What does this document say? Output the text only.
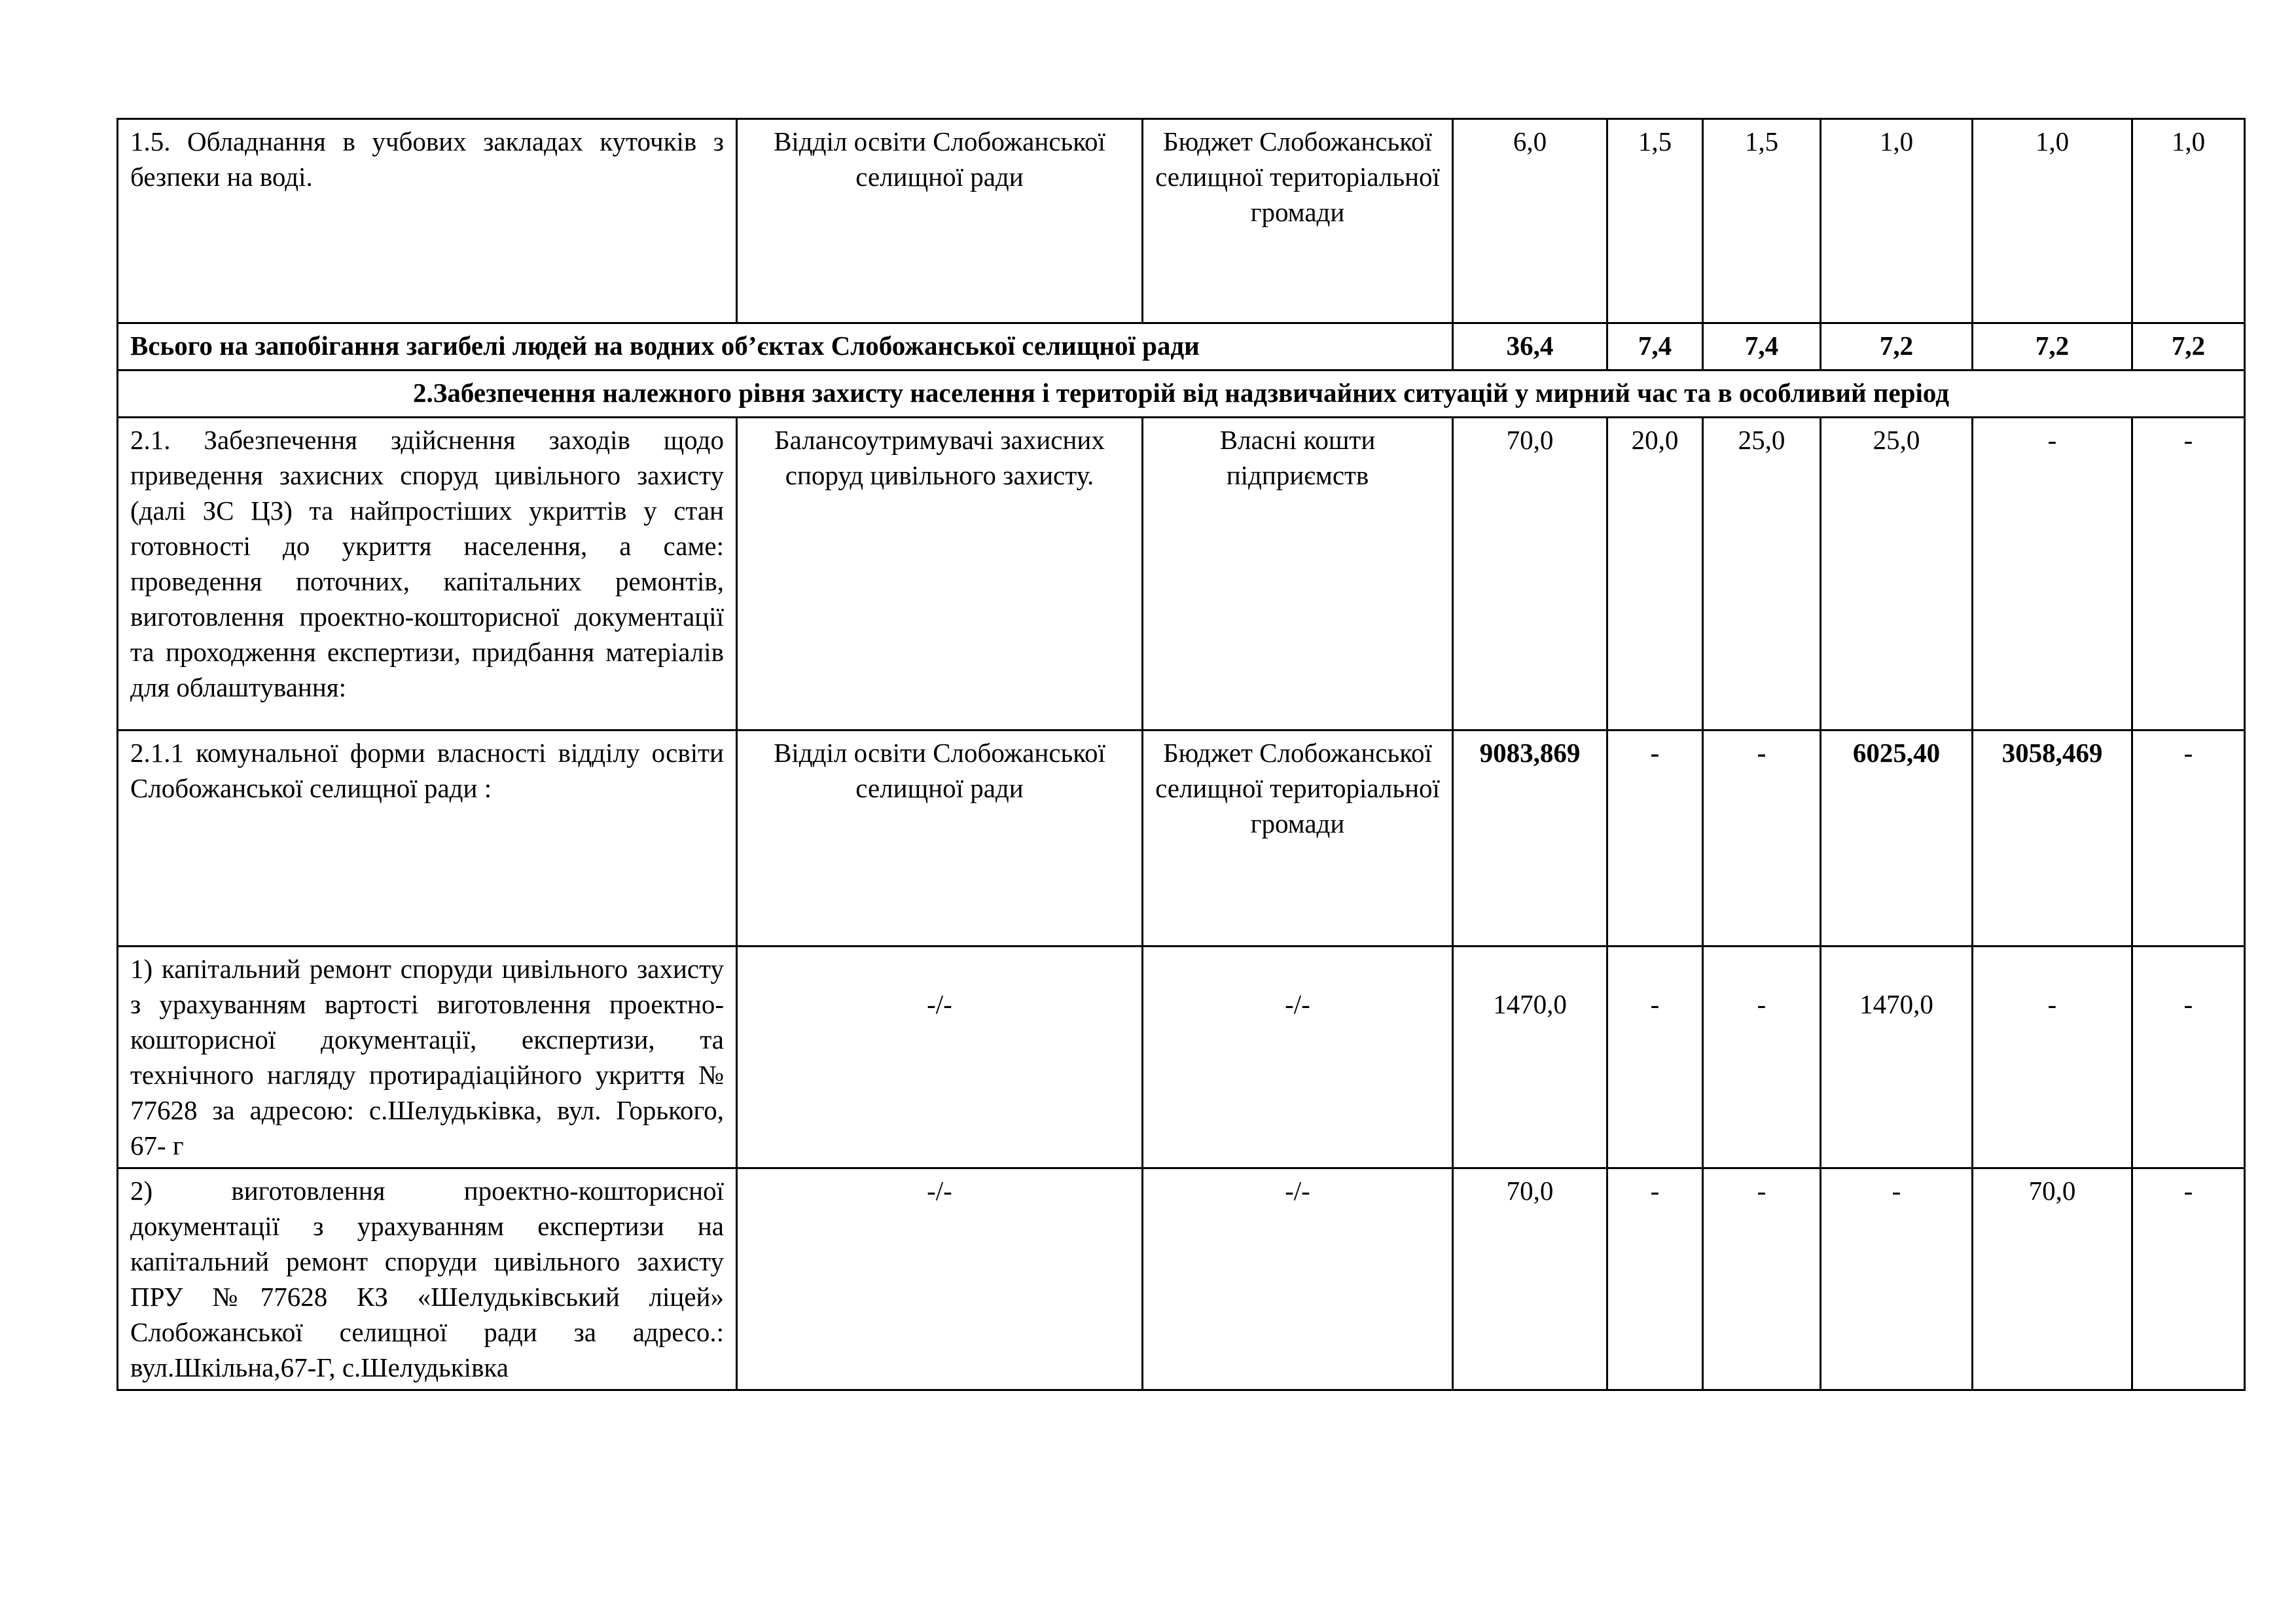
1.5. Обладнання в учбових закладах куточків з безпеки на воді.	Відділ освіти Слобожанської селищної ради	Бюджет Слобожанської селищної територіальної громади	6,0	1,5	1,5	1,0	1,0	1,0
Всього на запобігання загибелі людей на водних об’єктах Слобожанської селищної ради			36,4	7,4	7,4	7,2	7,2	7,2
2.Забезпечення належного рівня захисту населення і територій від надзвичайних ситуацій у мирний час та в особливий період								
2.1. Забезпечення здійснення заходів щодо приведення захисних споруд цивільного захисту (далі ЗС ЦЗ) та найпростіших укриттів у стан готовності до укриття населення, а саме: проведення поточних, капітальних ремонтів, виготовлення проектно-кошторисної документації та проходження експертизи, придбання матеріалів для облаштування:	Балансоутримувачі захисних споруд цивільного захисту.	Власні кошти підприємств	70,0	20,0	25,0	25,0	-	-
2.1.1 комунальної форми власності відділу освіти Слобожанської селищної ради :	Відділ освіти Слобожанської селищної ради	Бюджет Слобожанської селищної територіальної громади	9083,869	-	-	6025,40	3058,469	-
1) капітальний ремонт споруди цивільного захисту з урахуванням вартості виготовлення проектно-кошторисної документації, експертизи, та технічного нагляду протирадіаційного укриття № 77628 за адресою: с.Шелудьківка, вул. Горького, 67- г	-/-	-/-	1470,0	-	-	1470,0	-	-

2) виготовлення проектно-кошторисної документації з урахуванням експертизи на капітальний ремонт споруди цивільного захисту ПРУ №77628 КЗ «Шелудьківський ліцей» Слобожанської селищної ради за адресо.: вул.Шкільна,67-Г, с.Шелудьківка	-/-	-/-	70,0	-	-	-	70,0	-
